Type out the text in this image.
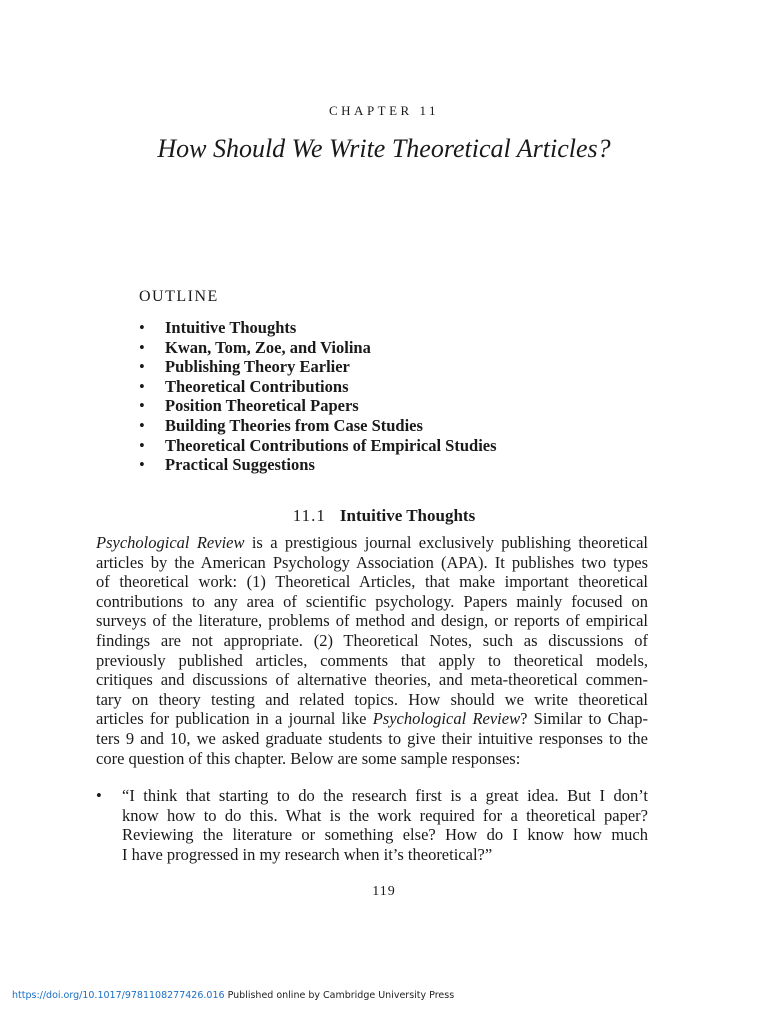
CHAPTER 11
How Should We Write Theoretical Articles?
OUTLINE
• Intuitive Thoughts
• Kwan, Tom, Zoe, and Violina
• Publishing Theory Earlier
• Theoretical Contributions
• Position Theoretical Papers
• Building Theories from Case Studies
• Theoretical Contributions of Empirical Studies
• Practical Suggestions
11.1 Intuitive Thoughts
Psychological Review is a prestigious journal exclusively publishing theoretical
articles by the American Psychology Association (APA). It publishes two types
of theoretical work: (1) Theoretical Articles, that make important theoretical
contributions to any area of scientific psychology. Papers mainly focused on
surveys of the literature, problems of method and design, or reports of empirical
findings are not appropriate. (2) Theoretical Notes, such as discussions of
previously published articles, comments that apply to theoretical models,
critiques and discussions of alternative theories, and meta-theoretical commen-
tary on theory testing and related topics. How should we write theoretical
articles for publication in a journal like Psychological Review? Similar to Chap-
ters 9 and 10, we asked graduate students to give their intuitive responses to the
core question of this chapter. Below are some sample responses:
• “I think that starting to do the research first is a great idea. But I don’t
know how to do this. What is the work required for a theoretical paper?
Reviewing the literature or something else? How do I know how much
I have progressed in my research when it’s theoretical?”
119
https://doi.org/10.1017/9781108277426.016 Published online by Cambridge University Press
